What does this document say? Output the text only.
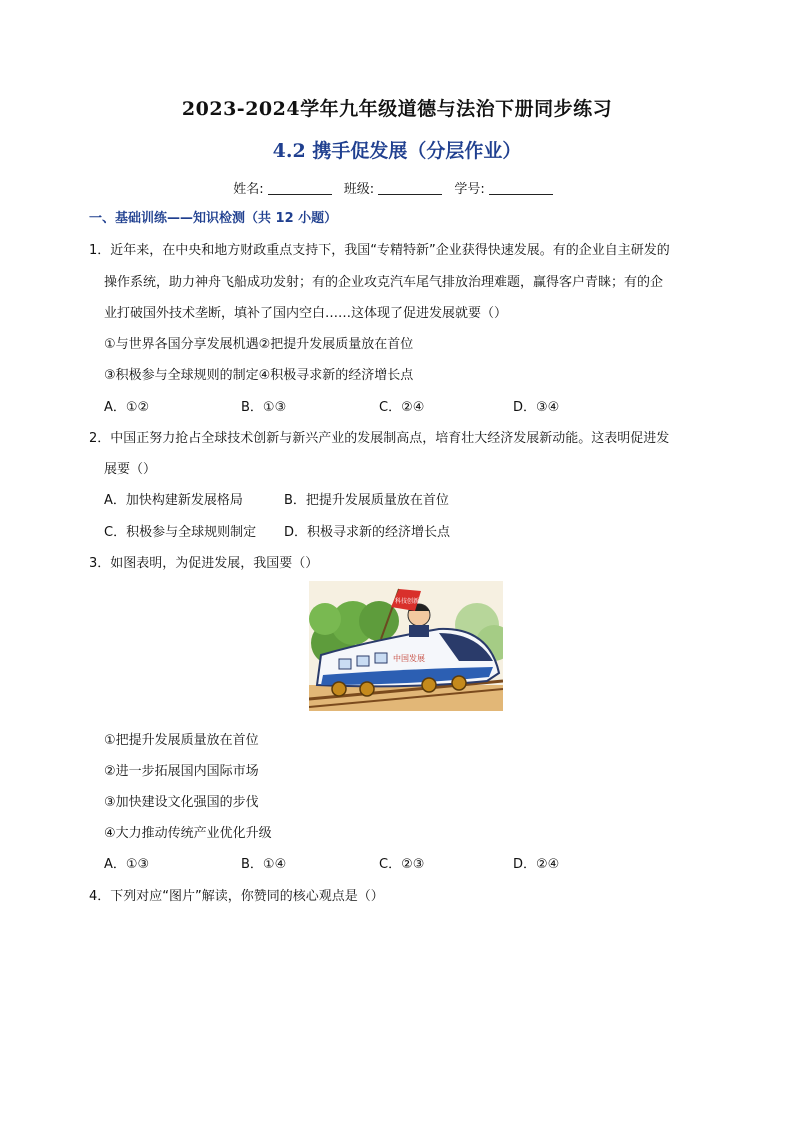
2023-2024学年九年级道德与法治下册同步练习
4.2 携手促发展（分层作业）
姓名:	班级:	学号:
一、基础训练——知识检测（共 12 小题）
1．近年来，在中央和地方财政重点支持下，我国“专精特新”企业获得快速发展。有的企业自主研发的
操作系统，助力神舟飞船成功发射；有的企业攻克汽车尾气排放治理难题，赢得客户青睐；有的企
业打破国外技术垄断，填补了国内空白……这体现了促进发展就要（）
①与世界各国分享发展机遇②把提升发展质量放在首位
③积极参与全球规则的制定④积极寻求新的经济增长点
A．①②	B．①③	C．②④	D．③④
2．中国正努力抢占全球技术创新与新兴产业的发展制高点，培育壮大经济发展新动能。这表明促进发
展要（）
A．加快构建新发展格局	B．把提升发展质量放在首位
C．积极参与全球规则制定 D．积极寻求新的经济增长点
3．如图表明，为促进发展，我国要（）
中国发展
科技创新
①把提升发展质量放在首位
②进一步拓展国内国际市场
③加快建设文化强国的步伐
④大力推动传统产业优化升级
A．①③	B．①④	C．②③	D．②④
4．下列对应“图片”解读，你赞同的核心观点是（）
